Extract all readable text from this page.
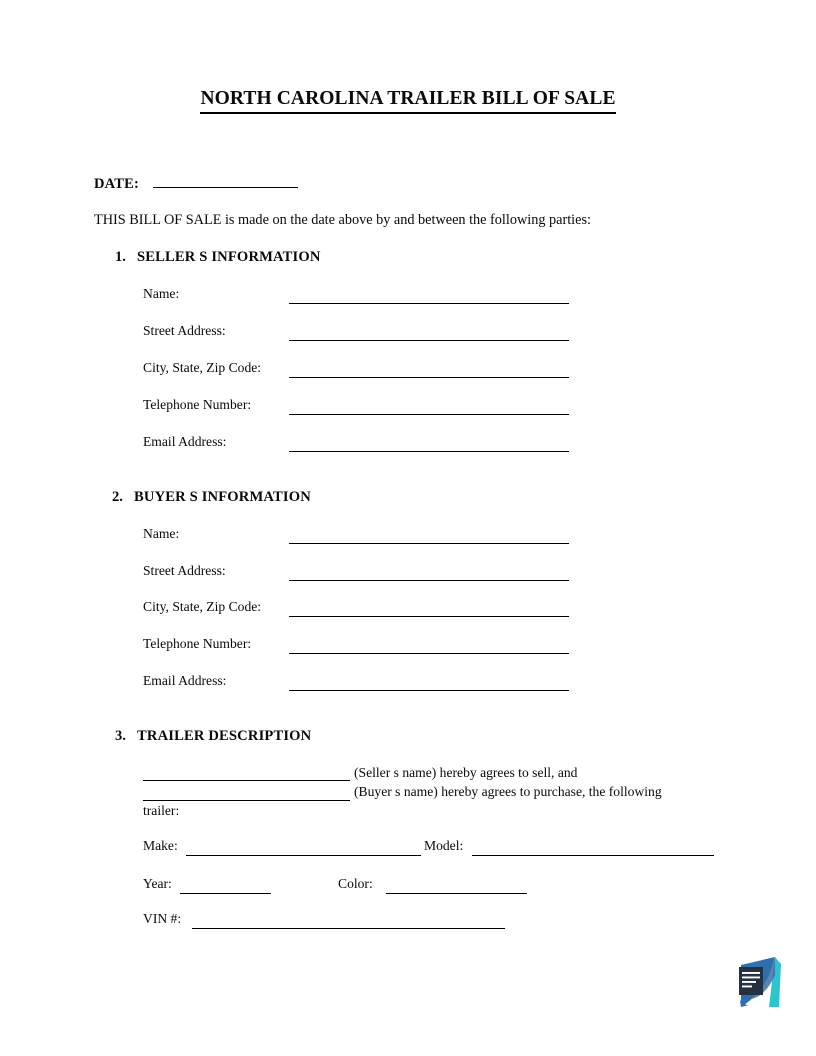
NORTH CAROLINA TRAILER BILL OF SALE
DATE:
THIS BILL OF SALE is made on the date above by and between the following parties:
1. SELLER S INFORMATION
Name:
Street Address:
City, State, Zip Code:
Telephone Number:
Email Address:
2. BUYER S INFORMATION
Name:
Street Address:
City, State, Zip Code:
Telephone Number:
Email Address:
3. TRAILER DESCRIPTION
(Seller s name) hereby agrees to sell, and
(Buyer s name) hereby agrees to purchase, the following
trailer:
Make:	Model:
Year:	Color:
VIN #:
